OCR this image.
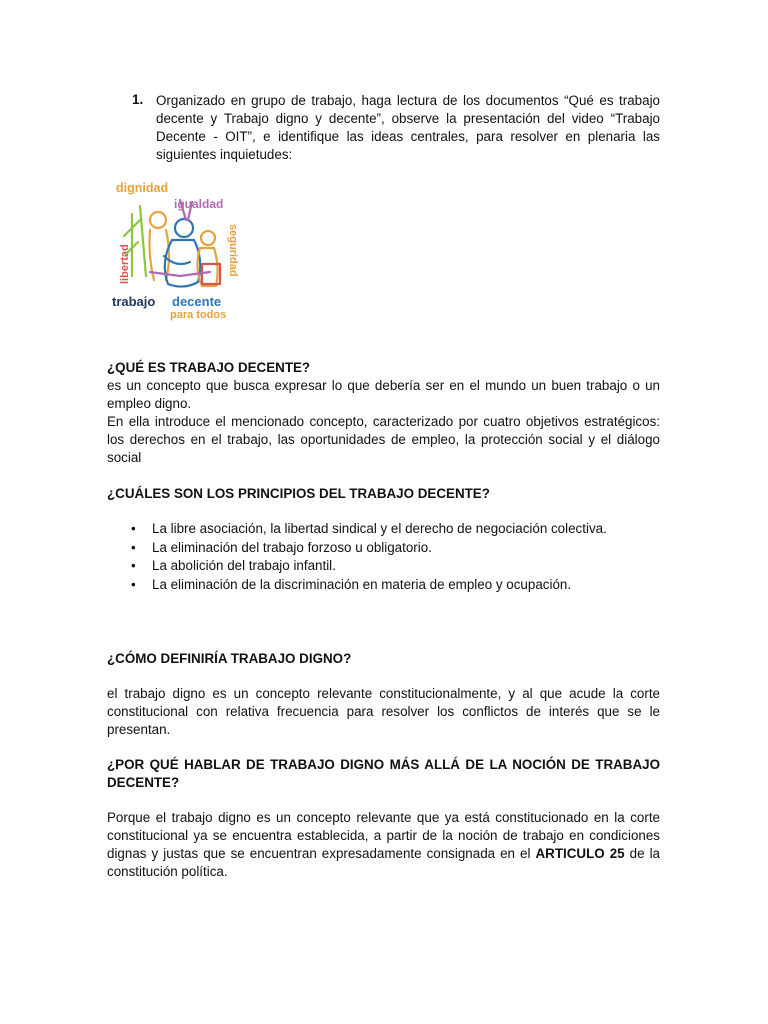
1. Organizado en grupo de trabajo, haga lectura de los documentos “Qué es trabajo decente y Trabajo digno y decente”, observe la presentación del video “Trabajo Decente - OIT”, e identifique las ideas centrales, para resolver en plenaria las siguientes inquietudes:
dignidad
igualdad
libertad	seguridad
trabajo decente
para todos

¿QUÉ ES TRABAJO DECENTE?

es un concepto que busca expresar lo que debería ser en el mundo un buen trabajo o un empleo digno.

En ella introduce el mencionado concepto, caracterizado por cuatro objetivos estratégicos: los derechos en el trabajo, las oportunidades de empleo, la protección social y el diálogo social

¿CUÁLES SON LOS PRINCIPIOS DEL TRABAJO DECENTE?

• La libre asociación, la libertad sindical y el derecho de negociación colectiva.
• La eliminación del trabajo forzoso u obligatorio.
• La abolición del trabajo infantil.
• La eliminación de la discriminación en materia de empleo y ocupación.

¿CÓMO DEFINIRÍA TRABAJO DIGNO?

el trabajo digno es un concepto relevante constitucionalmente, y al que acude la corte constitucional con relativa frecuencia para resolver los conflictos de interés que se le presentan.

¿POR QUÉ HABLAR DE TRABAJO DIGNO MÁS ALLÁ DE LA NOCIÓN DE TRABAJO DECENTE?

Porque el trabajo digno es un concepto relevante que ya está constitucionado en la corte constitucional ya se encuentra establecida, a partir de la noción de trabajo en condiciones dignas y justas que se encuentran expresadamente consignada en el ARTICULO 25 de la constitución política.
